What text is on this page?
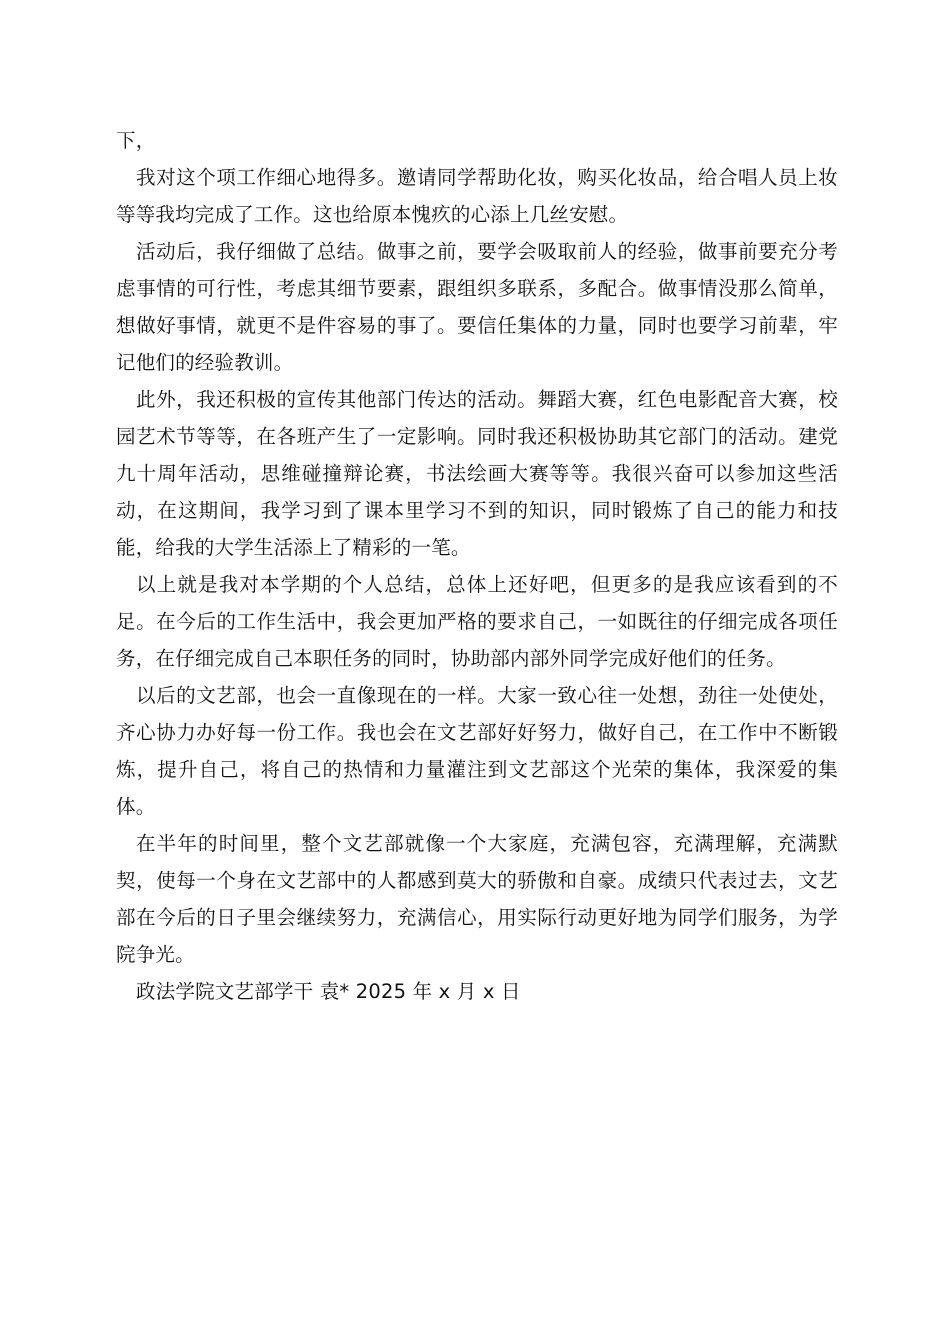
下，

我对这个项工作细心地得多。邀请同学帮助化妆，购买化妆品，给合唱人员上妆等等我均完成了工作。这也给原本愧疚的心添上几丝安慰。

活动后，我仔细做了总结。做事之前，要学会吸取前人的经验，做事前要充分考虑事情的可行性，考虑其细节要素，跟组织多联系，多配合。做事情没那么简单，想做好事情，就更不是件容易的事了。要信任集体的力量，同时也要学习前辈，牢记他们的经验教训。

此外，我还积极的宣传其他部门传达的活动。舞蹈大赛，红色电影配音大赛，校园艺术节等等，在各班产生了一定影响。同时我还积极协助其它部门的活动。建党九十周年活动，思维碰撞辩论赛，书法绘画大赛等等。我很兴奋可以参加这些活动，在这期间，我学习到了课本里学习不到的知识，同时锻炼了自己的能力和技能，给我的大学生活添上了精彩的一笔。

以上就是我对本学期的个人总结，总体上还好吧，但更多的是我应该看到的不足。在今后的工作生活中，我会更加严格的要求自己，一如既往的仔细完成各项任务，在仔细完成自己本职任务的同时，协助部内部外同学完成好他们的任务。

以后的文艺部，也会一直像现在的一样。大家一致心往一处想，劲往一处使处，齐心协力办好每一份工作。我也会在文艺部好好努力，做好自己，在工作中不断锻炼，提升自己，将自己的热情和力量灌注到文艺部这个光荣的集体，我深爱的集体。

在半年的时间里，整个文艺部就像一个大家庭，充满包容，充满理解，充满默契，使每一个身在文艺部中的人都感到莫大的骄傲和自豪。成绩只代表过去，文艺部在今后的日子里会继续努力，充满信心，用实际行动更好地为同学们服务，为学院争光。

政法学院文艺部学干 袁* 2025 年 x 月 x 日
